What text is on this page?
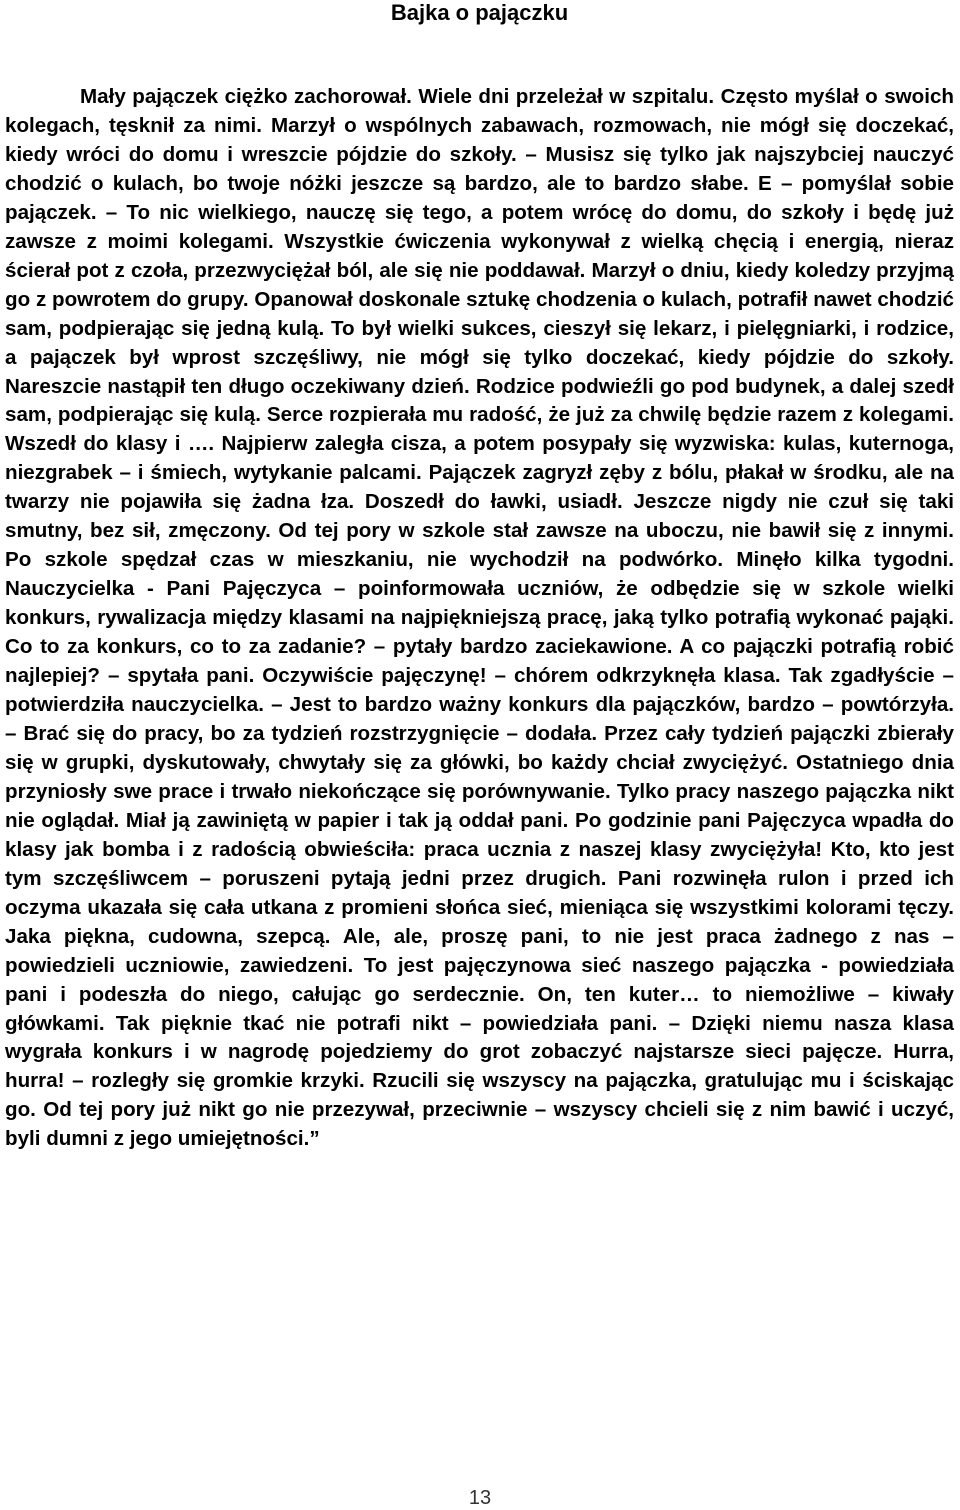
Bajka o pajączku

Mały pajączek ciężko zachorował. Wiele dni przeleżał w szpitalu. Często myślał o swoich kolegach, tęsknił za nimi. Marzył o wspólnych zabawach, rozmowach, nie mógł się doczekać, kiedy wróci do domu i wreszcie pójdzie do szkoły. – Musisz się tylko jak najszybciej nauczyć chodzić o kulach, bo twoje nóżki jeszcze są bardzo, ale to bardzo słabe. E – pomyślał sobie pajączek. – To nic wielkiego, nauczę się tego, a potem wrócę do domu, do szkoły i będę już zawsze z moimi kolegami. Wszystkie ćwiczenia wykonywał z wielką chęcią i energią, nieraz ścierał pot z czoła, przezwyciężał ból, ale się nie poddawał. Marzył o dniu, kiedy koledzy przyjmą go z powrotem do grupy. Opanował doskonale sztukę chodzenia o kulach, potrafił nawet chodzić sam, podpierając się jedną kulą. To był wielki sukces, cieszył się lekarz, i pielęgniarki, i rodzice, a pajączek był wprost szczęśliwy, nie mógł się tylko doczekać, kiedy pójdzie do szkoły. Nareszcie nastąpił ten długo oczekiwany dzień. Rodzice podwieźli go pod budynek, a dalej szedł sam, podpierając się kulą. Serce rozpierała mu radość, że już za chwilę będzie razem z kolegami. Wszedł do klasy i …. Najpierw zaległa cisza, a potem posypały się wyzwiska: kulas, kuternoga, niezgrabek – i śmiech, wytykanie palcami. Pajączek zagryzł zęby z bólu, płakał w środku, ale na twarzy nie pojawiła się żadna łza. Doszedł do ławki, usiadł. Jeszcze nigdy nie czuł się taki smutny, bez sił, zmęczony. Od tej pory w szkole stał zawsze na uboczu, nie bawił się z innymi. Po szkole spędzał czas w mieszkaniu, nie wychodził na podwórko. Minęło kilka tygodni. Nauczycielka - Pani Pajęczyca – poinformowała uczniów, że odbędzie się w szkole wielki konkurs, rywalizacja między klasami na najpiękniejszą pracę, jaką tylko potrafią wykonać pająki. Co to za konkurs, co to za zadanie? – pytały bardzo zaciekawione. A co pajączki potrafią robić najlepiej? – spytała pani. Oczywiście pajęczynę! – chórem odkrzyknęła klasa. Tak zgadłyście – potwierdziła nauczycielka. – Jest to bardzo ważny konkurs dla pajączków, bardzo – powtórzyła. – Brać się do pracy, bo za tydzień rozstrzygnięcie – dodała. Przez cały tydzień pajączki zbierały się w grupki, dyskutowały, chwytały się za główki, bo każdy chciał zwyciężyć. Ostatniego dnia przyniosły swe prace i trwało niekończące się porównywanie. Tylko pracy naszego pajączka nikt nie oglądał. Miał ją zawiniętą w papier i tak ją oddał pani. Po godzinie pani Pajęczyca wpadła do klasy jak bomba i z radością obwieściła: praca ucznia z naszej klasy zwyciężyła! Kto, kto jest tym szczęśliwcem – poruszeni pytają jedni przez drugich. Pani rozwinęła rulon i przed ich oczyma ukazała się cała utkana z promieni słońca sieć, mieniąca się wszystkimi kolorami tęczy. Jaka piękna, cudowna, szepcą. Ale, ale, proszę pani, to nie jest praca żadnego z nas – powiedzieli uczniowie, zawiedzeni. To jest pajęczynowa sieć naszego pajączka - powiedziała pani i podeszła do niego, całując go serdecznie. On, ten kuter… to niemożliwe – kiwały główkami. Tak pięknie tkać nie potrafi nikt – powiedziała pani. – Dzięki niemu nasza klasa wygrała konkurs i w nagrodę pojedziemy do grot zobaczyć najstarsze sieci pajęcze. Hurra, hurra! – rozległy się gromkie krzyki. Rzucili się wszyscy na pajączka, gratulując mu i ściskając go. Od tej pory już nikt go nie przezywał, przeciwnie – wszyscy chcieli się z nim bawić i uczyć, byli dumni z jego umiejętności.”

13
